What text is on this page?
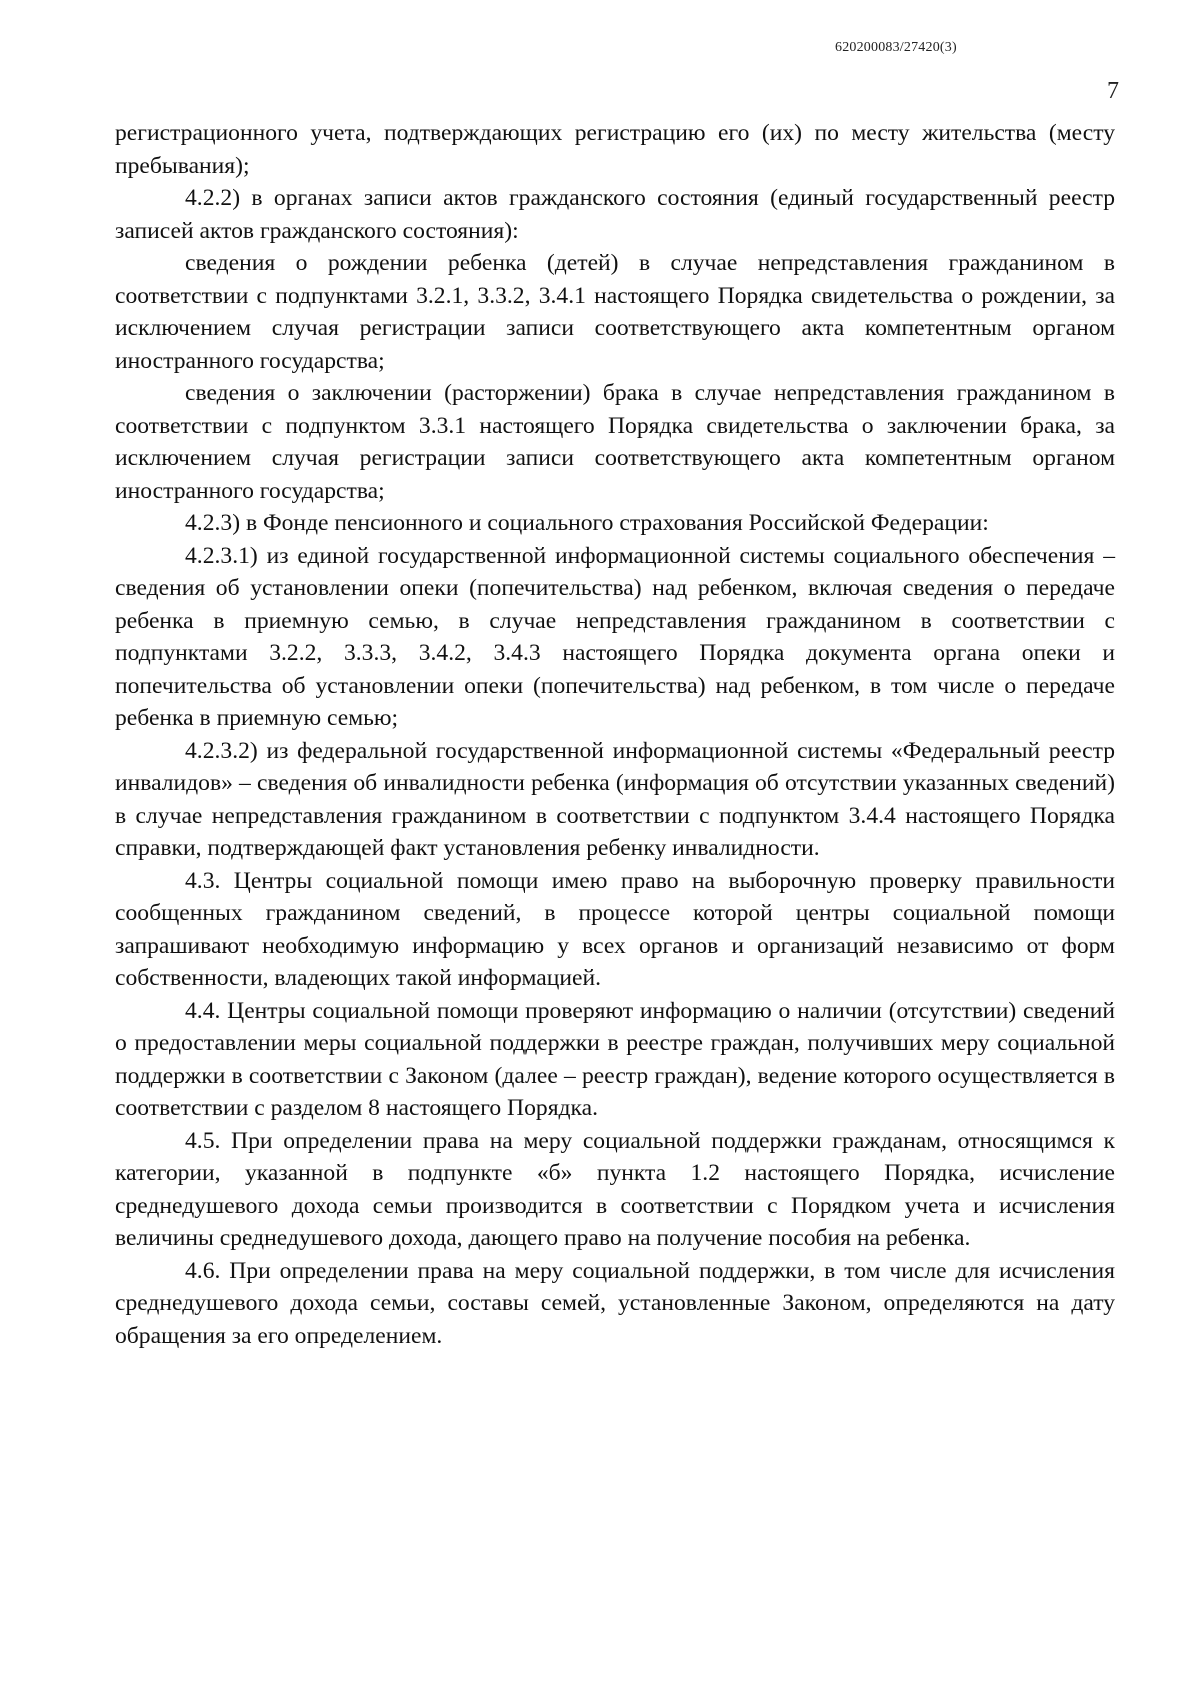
620200083/27420(3)
7

регистрационного учета, подтверждающих регистрацию его (их) по месту жительства (месту пребывания);

4.2.2) в органах записи актов гражданского состояния (единый государственный реестр записей актов гражданского состояния):

сведения о рождении ребенка (детей) в случае непредставления гражданином в соответствии с подпунктами 3.2.1, 3.3.2, 3.4.1 настоящего Порядка свидетельства о рождении, за исключением случая регистрации записи соответствующего акта компетентным органом иностранного государства;

сведения о заключении (расторжении) брака в случае непредставления гражданином в соответствии с подпунктом 3.3.1 настоящего Порядка свидетельства о заключении брака, за исключением случая регистрации записи соответствующего акта компетентным органом иностранного государства;

4.2.3) в Фонде пенсионного и социального страхования Российской Федерации:

4.2.3.1) из единой государственной информационной системы социального обеспечения – сведения об установлении опеки (попечительства) над ребенком, включая сведения о передаче ребенка в приемную семью, в случае непредставления гражданином в соответствии с подпунктами 3.2.2, 3.3.3, 3.4.2, 3.4.3 настоящего Порядка документа органа опеки и попечительства об установлении опеки (попечительства) над ребенком, в том числе о передаче ребенка в приемную семью;

4.2.3.2) из федеральной государственной информационной системы «Федеральный реестр инвалидов» – сведения об инвалидности ребенка (информация об отсутствии указанных сведений) в случае непредставления гражданином в соответствии с подпунктом 3.4.4 настоящего Порядка справки, подтверждающей факт установления ребенку инвалидности.

4.3. Центры социальной помощи имею право на выборочную проверку правильности сообщенных гражданином сведений, в процессе которой центры социальной помощи запрашивают необходимую информацию у всех органов и организаций независимо от форм собственности, владеющих такой информацией.

4.4. Центры социальной помощи проверяют информацию о наличии (отсутствии) сведений о предоставлении меры социальной поддержки в реестре граждан, получивших меру социальной поддержки в соответствии с Законом (далее – реестр граждан), ведение которого осуществляется в соответствии с разделом 8 настоящего Порядка.

4.5. При определении права на меру социальной поддержки гражданам, относящимся к категории, указанной в подпункте «б» пункта 1.2 настоящего Порядка, исчисление среднедушевого дохода семьи производится в соответствии с Порядком учета и исчисления величины среднедушевого дохода, дающего право на получение пособия на ребенка.

4.6. При определении права на меру социальной поддержки, в том числе для исчисления среднедушевого дохода семьи, составы семей, установленные Законом, определяются на дату обращения за его определением.
